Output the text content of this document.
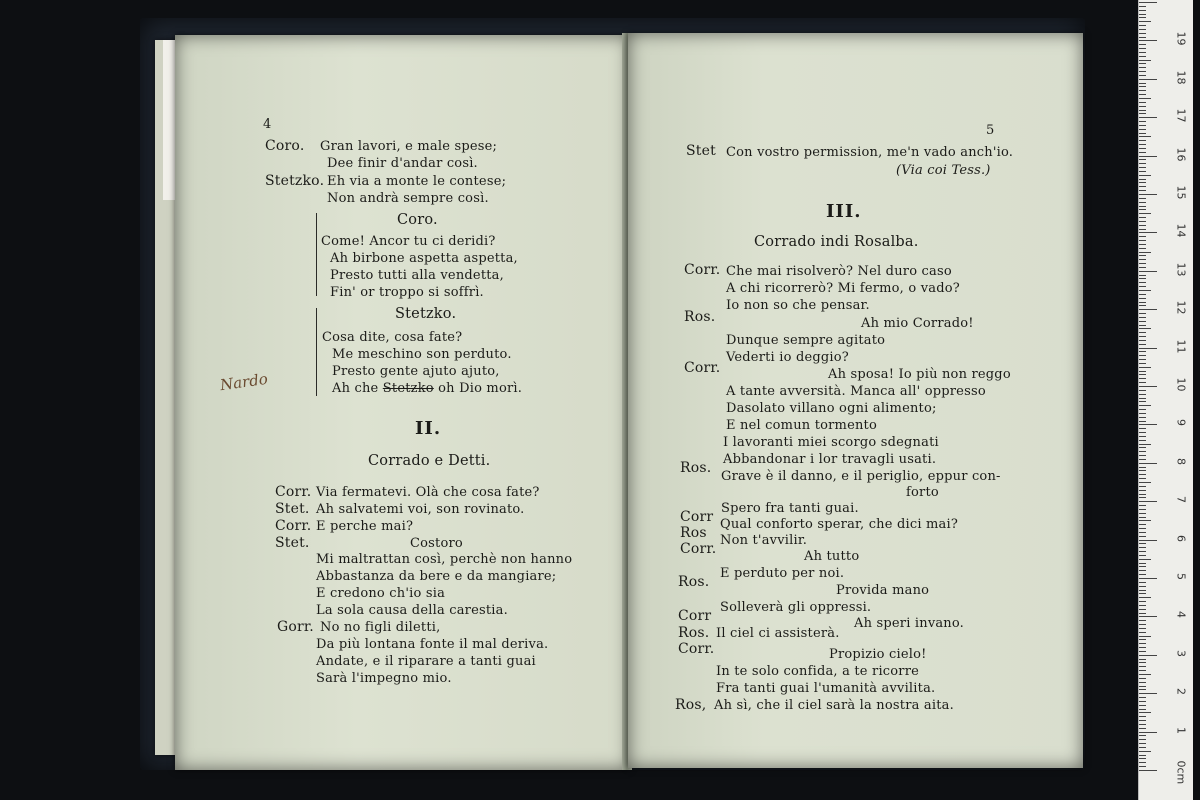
4
Coro. Gran lavori, e male spese;
Dee finir d'andar così.
Stetzko. Eh via a monte le contese;
Non andrà sempre così.
Coro.
Come! Ancor tu ci deridi?
Ah birbone aspetta aspetta,
Presto tutti alla vendetta,
Fin' or troppo si soffrì.
Stetzko.
Cosa dite, cosa fate?
Me meschino son perduto.
Presto gente ajuto ajuto,
Ah che Stetzko oh Dio morì.
Nardo
II.
Corrado e Detti.
Corr. Via fermatevi. Olà che cosa fate?
Stet. Ah salvatemi voi, son rovinato.
Corr. E perche mai?
Stet.	Costoro
Mi maltrattan così, perchè non hanno
Abbastanza da bere e da mangiare;
E credono ch'io sia
La sola causa della carestia.
Gorr. No no figli diletti,
Da più lontana fonte il mal deriva.
Andate, e il riparare a tanti guai
Sarà l'impegno mio.
5
Stet Con vostro permission, me'n vado anch'io.
(Via coi Tess.)
III.
Corrado indi Rosalba.
Corr. Che mai risolverò? Nel duro caso
A chi ricorrerò? Mi fermo, o vado?
Io non so che pensar.
Ros.	Ah mio Corrado!
Dunque sempre agitato
Vederti io deggio?
Corr.	Ah sposa! Io più non reggo
A tante avversità. Manca all' oppresso
Dasolato villano ogni alimento;
E nel comun tormento
I lavoranti miei scorgo sdegnati
Abbandonar i lor travagli usati.
Ros.
Grave è il danno, e il periglio, eppur con-
forto
Spero fra tanti guai.
Corr Qual conforto sperar, che dici mai?
Ros Non t'avvilir.
Corr.	Ah tutto
E perduto per noi.
Ros.
Provida mano
Solleverà gli oppressi.
Corr	Ah speri invano.
Ros. Il ciel ci assisterà.
Corr.	Propizio cielo!
In te solo confida, a te ricorre
Fra tanti guai l'umanità avvilita.
Ros, Ah sì, che il ciel sarà la nostra aita.
0cm
1
2
3
4
5
6
7
8
9
10
11
12
13
14
15
16
17
18
19
